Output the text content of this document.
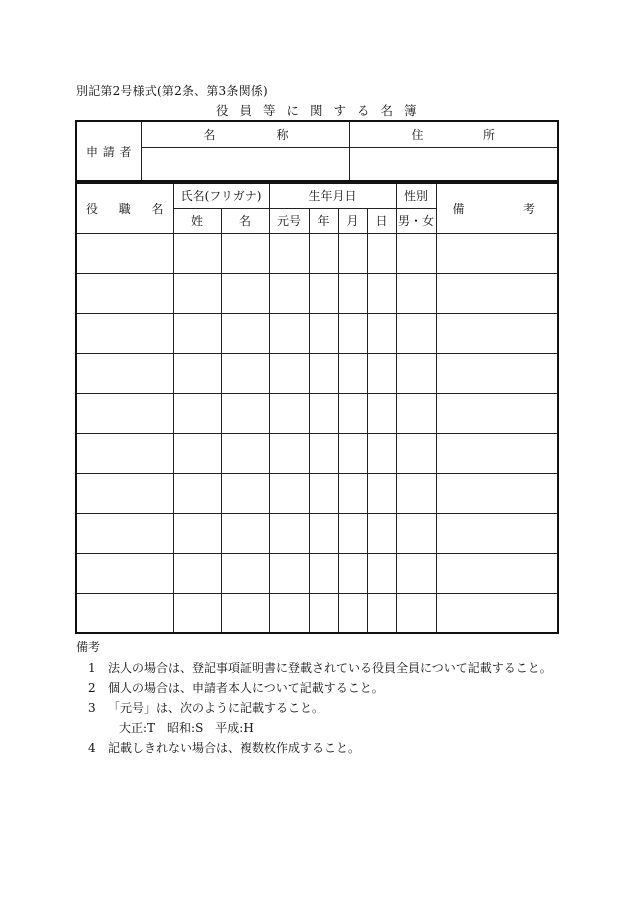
別記第2号様式(第2条、第3条関係)
役員等に関する名簿
申 請 者	名 称	住 所

役 職 名	氏名(フリガナ)		生年月日				性別	備 考

	姓	名	元号	年	月	日	男・女	

備考
1	法人の場合は、登記事項証明書に登載されている役員全員について記載すること。
2	個人の場合は、申請者本人について記載すること。
3	「元号」は、次のように記載すること。
大正:T　昭和:S　平成:H
4	記載しきれない場合は、複数枚作成すること。
